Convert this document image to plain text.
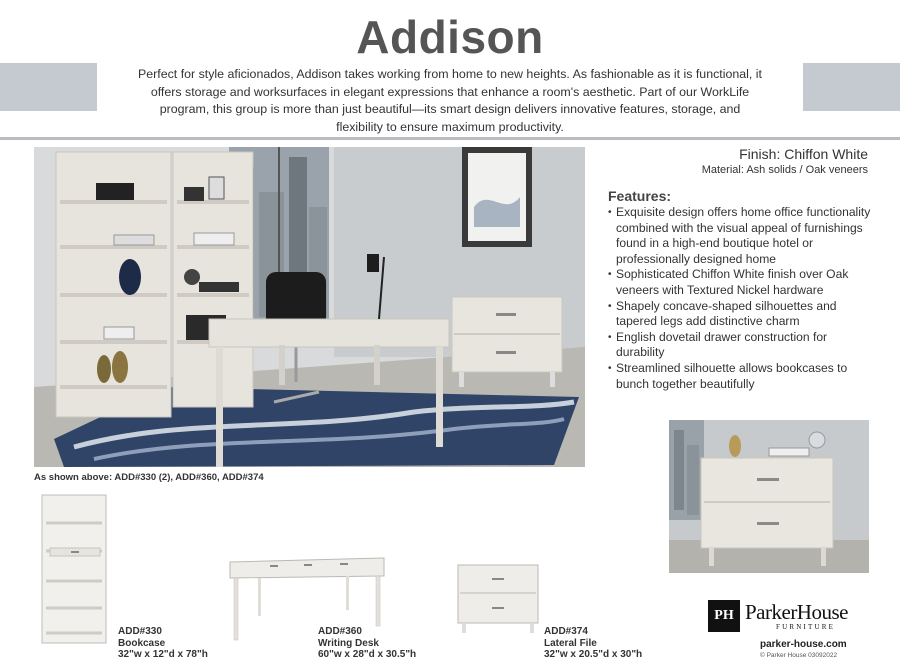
Addison
Perfect for style aficionados, Addison takes working from home to new heights. As fashionable as it is functional, it offers storage and worksurfaces in elegant expressions that enhance a room's aesthetic. Part of our WorkLife program, this group is more than just beautiful—its smart design delivers innovative features, storage, and flexibility to ensure maximum productivity.
As shown above: ADD#330 (2), ADD#360, ADD#374
Finish: Chiffon White
Material: Ash solids / Oak veneers
Features:
• Exquisite design offers home office functionality combined with the visual appeal of furnishings found in a high-end boutique hotel or professionally designed home
• Sophisticated Chiffon White finish over Oak veneers with Textured Nickel hardware
• Shapely concave-shaped silhouettes and tapered legs add distinctive charm
• English dovetail drawer construction for durability
• Streamlined silhouette allows bookcases to bunch together beautifully
ADD#330
Bookcase
32"w x 12"d x 78"h
ADD#360
Writing Desk
60"w x 28"d x 30.5"h
ADD#374
Lateral File
32"w x 20.5"d x 30"h
PH ParkerHouse
FURNITURE
parker-house.com
© Parker House 03092022
